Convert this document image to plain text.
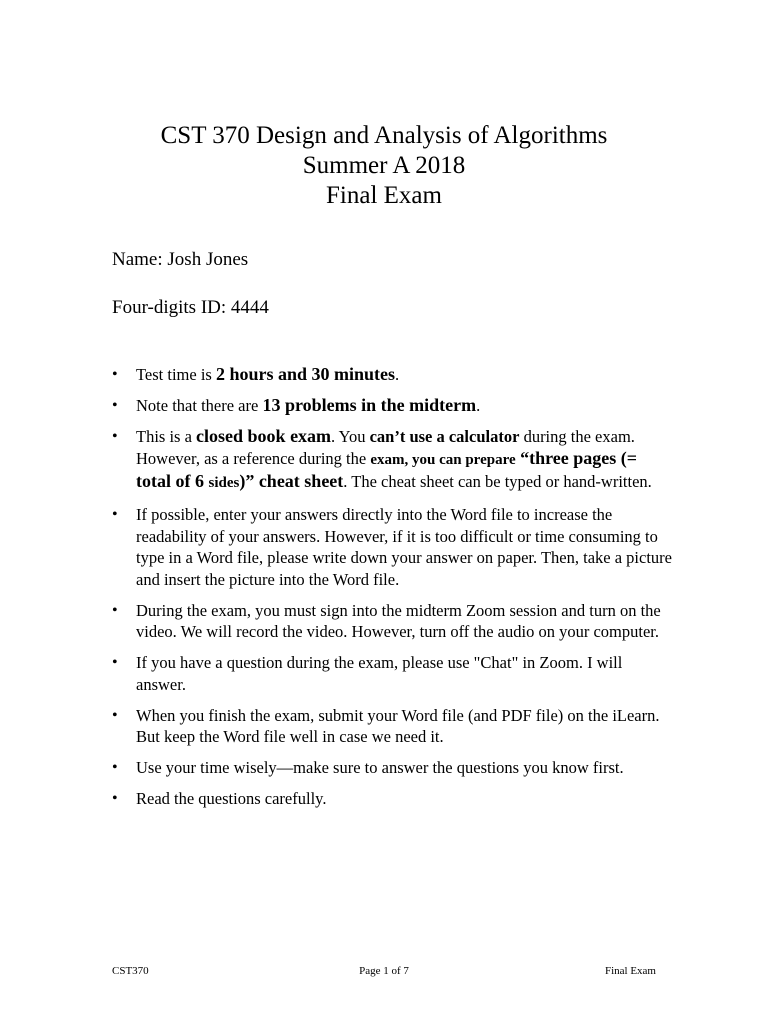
CST 370 Design and Analysis of Algorithms
Summer A 2018
Final Exam
Name: Josh Jones
Four-digits ID: 4444
• Test time is 2 hours and 30 minutes.
• Note that there are 13 problems in the midterm.
• This is a closed book exam. You can’t use a calculator during the exam. However, as a reference during the exam, you can prepare “three pages (= total of 6 sides)” cheat sheet. The cheat sheet can be typed or hand-written.
• If possible, enter your answers directly into the Word file to increase the readability of your answers. However, if it is too difficult or time consuming to type in a Word file, please write down your answer on paper. Then, take a picture and insert the picture into the Word file.
• During the exam, you must sign into the midterm Zoom session and turn on the video. We will record the video. However, turn off the audio on your computer.
• If you have a question during the exam, please use "Chat" in Zoom. I will answer.
• When you finish the exam, submit your Word file (and PDF file) on the iLearn. But keep the Word file well in case we need it.
• Use your time wisely—make sure to answer the questions you know first.
• Read the questions carefully.
CST370	Page 1 of 7	Final Exam
